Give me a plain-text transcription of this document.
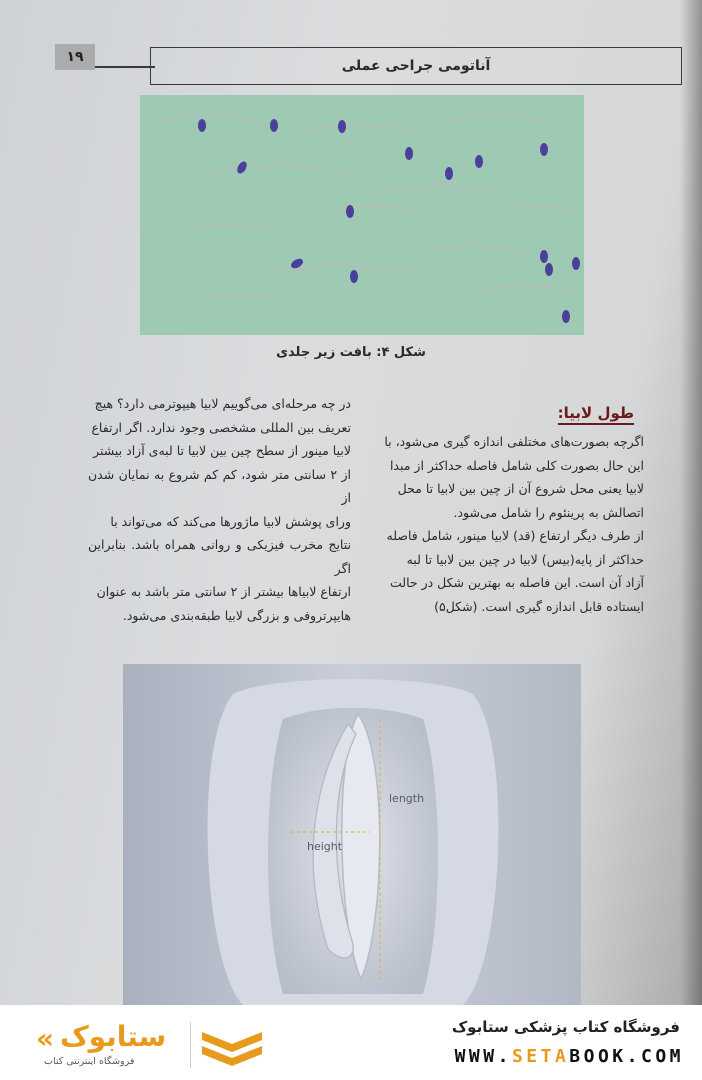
۱۹
آناتومی جراحی عملی
شکل ۴: بافت زیر جلدی
طول لابیا:
اگرچه بصورت‌های مختلفی اندازه گیری می‌شود، با
این حال بصورت کلی شامل فاصله حداکثر از مبدا
لابیا یعنی محل شروع آن از چین بین لابیا تا محل
اتصالش به پرینئوم را شامل می‌شود.
از طرف دیگر ارتفاع (قد) لابیا مینور، شامل فاصله
حداکثر از پایه(بیس) لابیا در چین بین لابیا تا لبه
آزاد آن است. این فاصله به بهترین شکل در حالت
ایستاده قابل اندازه گیری است. (شکل۵)
در چه مرحله‌ای می‌گوییم لابیا هیپوترمی دارد؟ هیچ
تعریف بین المللی مشخصی وجود ندارد. اگر ارتفاع
لابیا مینور از سطح چین بین لابیا تا لبه‌ی آزاد بیشتر
از ۲ سانتی متر شود، کم کم شروع به نمایان شدن از
ورای پوشش لابیا ماژورها می‌کند که می‌تواند با
نتایج مخرب فیزیکی و روانی همراه باشد. بنابراین اگر
ارتفاع لابیاها بیشتر از ۲ سانتی متر باشد به عنوان
هایپرتروفی و بزرگی لابیا طبقه‌بندی می‌شود.
length
height
فروشگاه کتاب پزشکی ستابوک
WWW.SETABOOK.COM
« ستابوک
فروشگاه اینترنتی کتاب
